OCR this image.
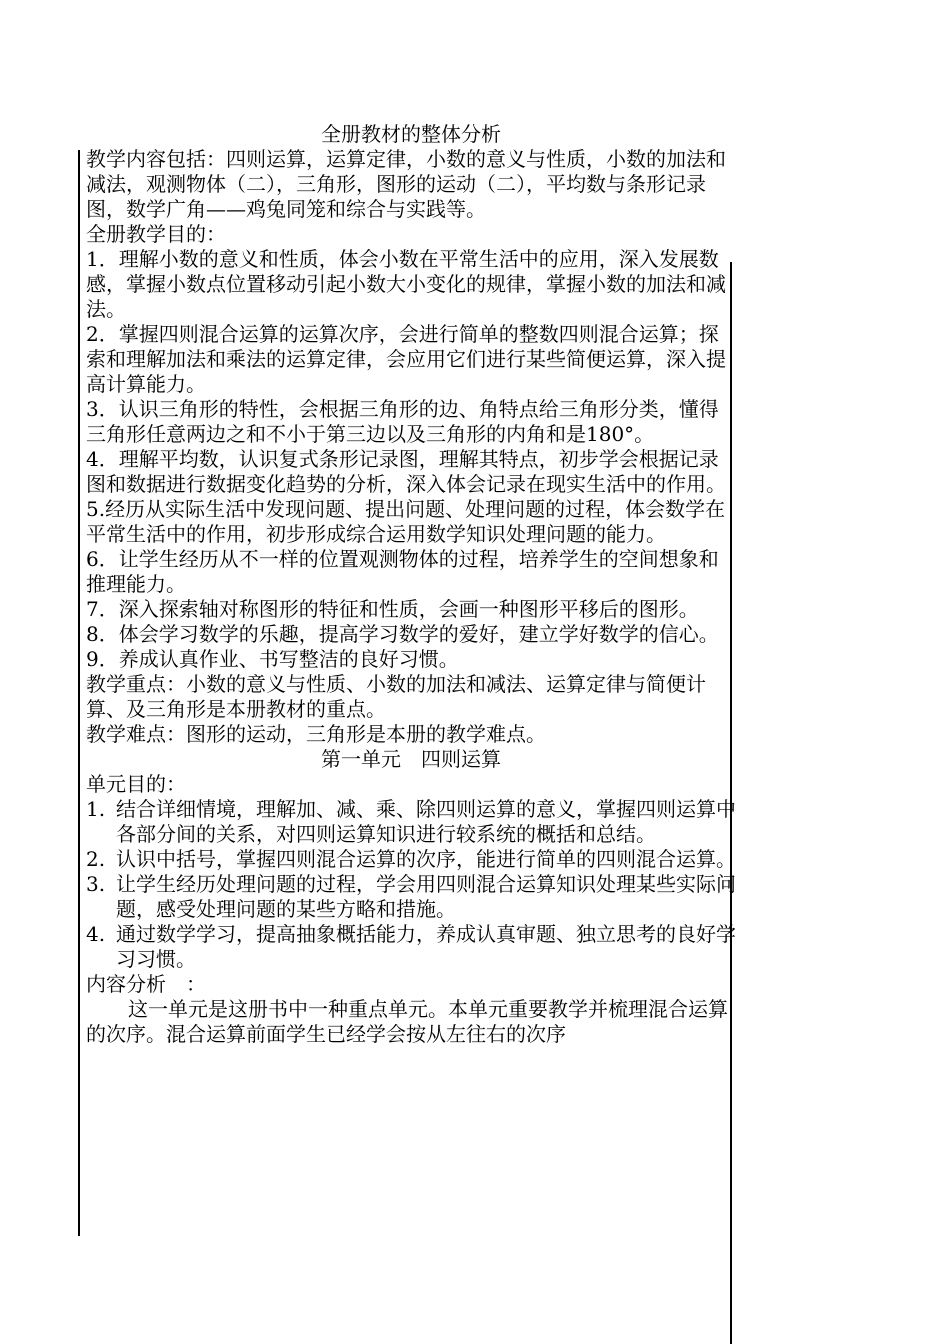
全册教材的整体分析

教学内容包括：四则运算，运算定律，小数的意义与性质，小数的加法和减法，观测物体（二），三角形，图形的运动（二），平均数与条形记录图，数学广角——鸡兔同笼和综合与实践等。

全册教学目的：

1．理解小数的意义和性质，体会小数在平常生活中的应用，深入发展数感，掌握小数点位置移动引起小数大小变化的规律，掌握小数的加法和减法。

2．掌握四则混合运算的运算次序，会进行简单的整数四则混合运算；探索和理解加法和乘法的运算定律，会应用它们进行某些简便运算，深入提高计算能力。

3．认识三角形的特性，会根据三角形的边、角特点给三角形分类，懂得三角形任意两边之和不小于第三边以及三角形的内角和是180°。

4．理解平均数，认识复式条形记录图，理解其特点，初步学会根据记录图和数据进行数据变化趋势的分析，深入体会记录在现实生活中的作用。

5.经历从实际生活中发现问题、提出问题、处理问题的过程，体会数学在平常生活中的作用，初步形成综合运用数学知识处理问题的能力。

6．让学生经历从不一样的位置观测物体的过程，培养学生的空间想象和推理能力。

7．深入探索轴对称图形的特征和性质，会画一种图形平移后的图形。

8．体会学习数学的乐趣，提高学习数学的爱好，建立学好数学的信心。

9．养成认真作业、书写整洁的良好习惯。

教学重点：小数的意义与性质、小数的加法和减法、运算定律与简便计算、及三角形是本册教材的重点。

教学难点：图形的运动，三角形是本册的教学难点。

第一单元　四则运算

单元目的：

1. 结合详细情境，理解加、减、乘、除四则运算的意义，掌握四则运算中各部分间的关系，对四则运算知识进行较系统的概括和总结。
2. 认识中括号，掌握四则混合运算的次序，能进行简单的四则混合运算。
3. 让学生经历处理问题的过程，学会用四则混合运算知识处理某些实际问题，感受处理问题的某些方略和措施。
4. 通过数学学习，提高抽象概括能力，养成认真审题、独立思考的良好学习习惯。

内容分析　：

这一单元是这册书中一种重点单元。本单元重要教学并梳理混合运算的次序。混合运算前面学生已经学会按从左往右的次序
